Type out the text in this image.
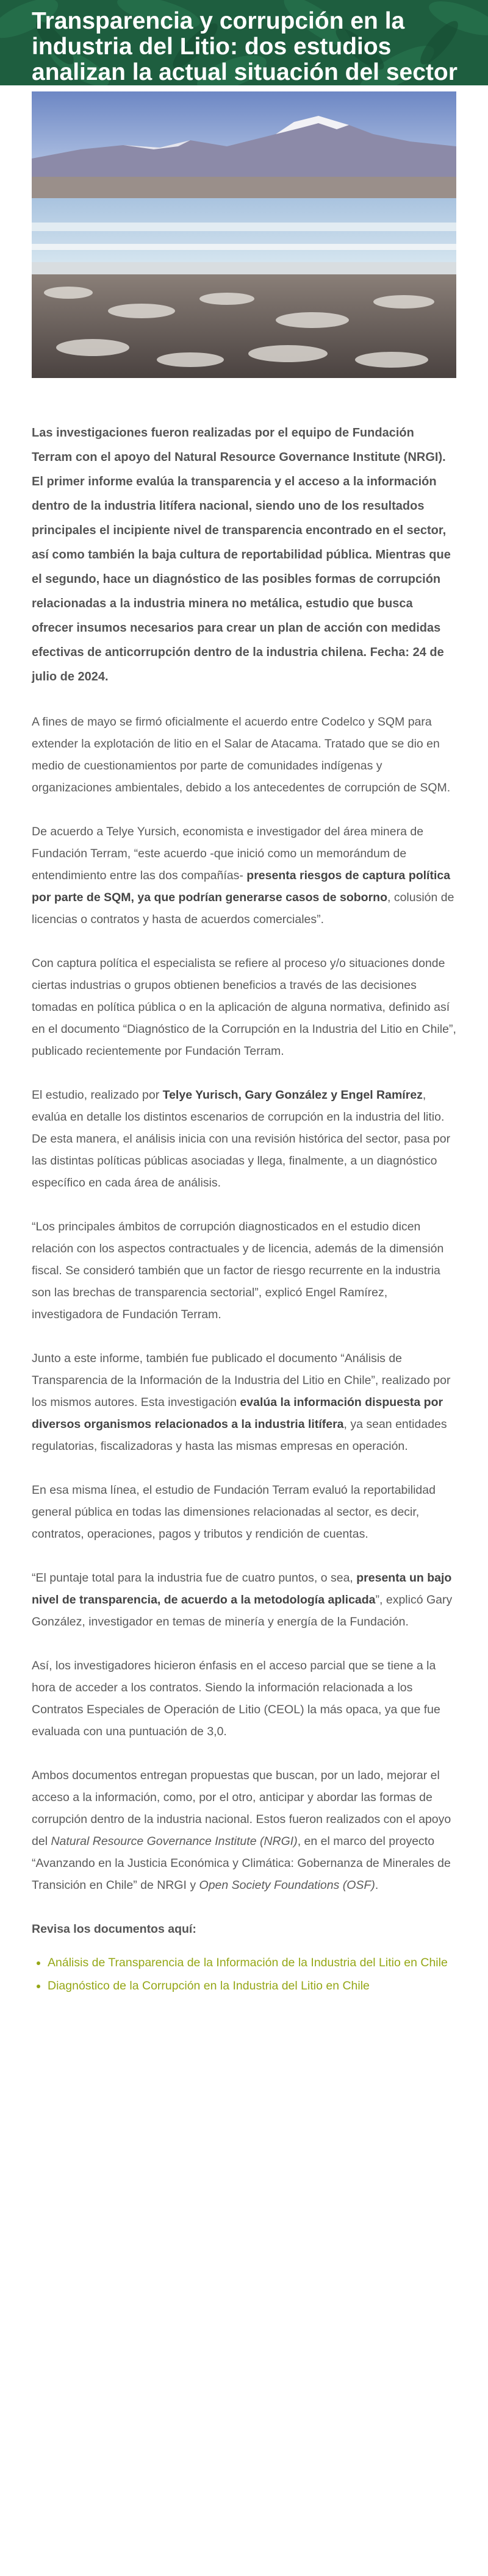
Transparencia y corrupción en la industria del Litio: dos estudios analizan la actual situación del sector

Las investigaciones fueron realizadas por el equipo de Fundación Terram con el apoyo del Natural Resource Governance Institute (NRGI). El primer informe evalúa la transparencia y el acceso a la información dentro de la industria litífera nacional, siendo uno de los resultados principales el incipiente nivel de transparencia encontrado en el sector, así como también la baja cultura de reportabilidad pública. Mientras que el segundo, hace un diagnóstico de las posibles formas de corrupción relacionadas a la industria minera no metálica, estudio que busca ofrecer insumos necesarios para crear un plan de acción con medidas efectivas de anticorrupción dentro de la industria chilena. Fecha: 24 de julio de 2024.

A fines de mayo se firmó oficialmente el acuerdo entre Codelco y SQM para extender la explotación de litio en el Salar de Atacama. Tratado que se dio en medio de cuestionamientos por parte de comunidades indígenas y organizaciones ambientales, debido a los antecedentes de corrupción de SQM.

De acuerdo a Telye Yursich, economista e investigador del área minera de Fundación Terram, “este acuerdo -que inició como un memorándum de entendimiento entre las dos compañías- presenta riesgos de captura política por parte de SQM, ya que podrían generarse casos de soborno, colusión de licencias o contratos y hasta de acuerdos comerciales”.

Con captura política el especialista se refiere al proceso y/o situaciones donde ciertas industrias o grupos obtienen beneficios a través de las decisiones tomadas en política pública o en la aplicación de alguna normativa, definido así en el documento “Diagnóstico de la Corrupción en la Industria del Litio en Chile”, publicado recientemente por Fundación Terram.

El estudio, realizado por Telye Yurisch, Gary González y Engel Ramírez, evalúa en detalle los distintos escenarios de corrupción en la industria del litio. De esta manera, el análisis inicia con una revisión histórica del sector, pasa por las distintas políticas públicas asociadas y llega, finalmente, a un diagnóstico específico en cada área de análisis.

“Los principales ámbitos de corrupción diagnosticados en el estudio dicen relación con los aspectos contractuales y de licencia, además de la dimensión fiscal. Se consideró también que un factor de riesgo recurrente en la industria son las brechas de transparencia sectorial”, explicó Engel Ramírez, investigadora de Fundación Terram.

Junto a este informe, también fue publicado el documento “Análisis de Transparencia de la Información de la Industria del Litio en Chile”, realizado por los mismos autores. Esta investigación evalúa la información dispuesta por diversos organismos relacionados a la industria litífera, ya sean entidades regulatorias, fiscalizadoras y hasta las mismas empresas en operación.

En esa misma línea, el estudio de Fundación Terram evaluó la reportabilidad general pública en todas las dimensiones relacionadas al sector, es decir, contratos, operaciones, pagos y tributos y rendición de cuentas.

“El puntaje total para la industria fue de cuatro puntos, o sea, presenta un bajo nivel de transparencia, de acuerdo a la metodología aplicada”, explicó Gary González, investigador en temas de minería y energía de la Fundación.

Así, los investigadores hicieron énfasis en el acceso parcial que se tiene a la hora de acceder a los contratos. Siendo la información relacionada a los Contratos Especiales de Operación de Litio (CEOL) la más opaca, ya que fue evaluada con una puntuación de 3,0.

Ambos documentos entregan propuestas que buscan, por un lado, mejorar el acceso a la información, como, por el otro, anticipar y abordar las formas de corrupción dentro de la industria nacional. Estos fueron realizados con el apoyo del Natural Resource Governance Institute (NRGI), en el marco del proyecto “Avanzando en la Justicia Económica y Climática: Gobernanza de Minerales de Transición en Chile” de NRGI y Open Society Foundations (OSF).

Revisa los documentos aquí:

• Análisis de Transparencia de la Información de la Industria del Litio en Chile
• Diagnóstico de la Corrupción en la Industria del Litio en Chile
